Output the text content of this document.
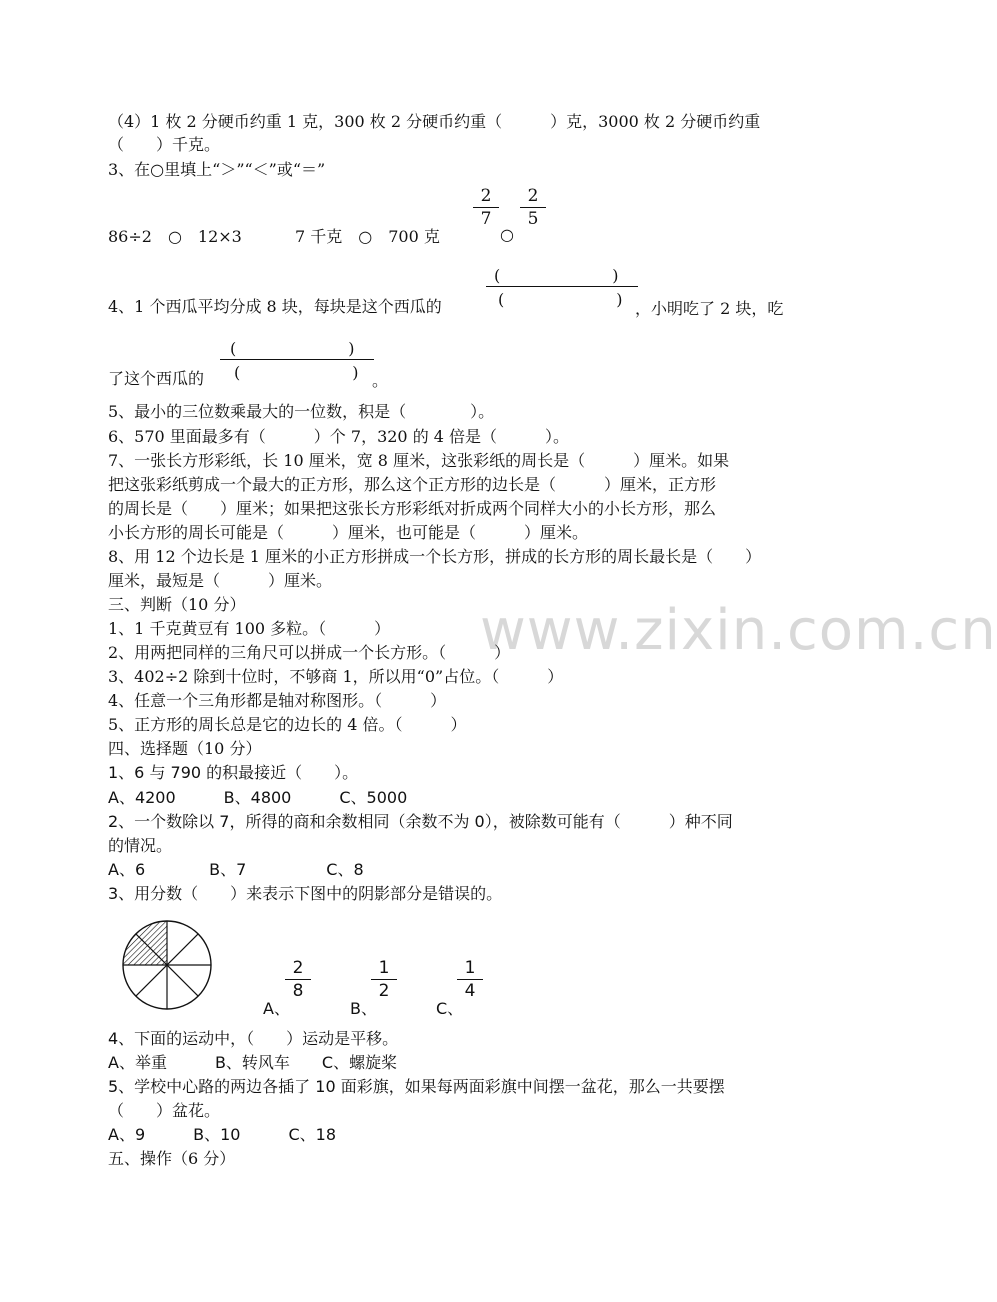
www.zixin.com.cn
（4）1 枚 2 分硬币约重 1 克，300 枚 2 分硬币约重（　　　）克，3000 枚 2 分硬币约重
（　　）千克。
3、在○里填上“＞”“＜”或“＝”
86÷2　○　12×3	7 千克　○　700 克
2
7
○
2
5
4、1 个西瓜平均分成 8 块，每块是这个西瓜的
(　　　　　　　)
(　　　　　　　) ，小明吃了 2 块，吃
了这个西瓜的
(　　　　　　　)
(　　　　　　　) 。
5、最小的三位数乘最大的一位数，积是（　　　　）。
6、570 里面最多有（　　　）个 7，320 的 4 倍是（　　　）。
7、一张长方形彩纸，长 10 厘米，宽 8 厘米，这张彩纸的周长是（　　　）厘米。如果
把这张彩纸剪成一个最大的正方形，那么这个正方形的边长是（　　　）厘米，正方形
的周长是（　　）厘米；如果把这张长方形彩纸对折成两个同样大小的小长方形，那么
小长方形的周长可能是（　　　）厘米，也可能是（　　　）厘米。
8、用 12 个边长是 1 厘米的小正方形拼成一个长方形，拼成的长方形的周长最长是（　　）
厘米，最短是（　　　）厘米。
三、判断（10 分）
1、1 千克黄豆有 100 多粒。（　　　）
2、用两把同样的三角尺可以拼成一个长方形。（　　　）
3、402÷2 除到十位时，不够商 1，所以用“0”占位。（　　　）
4、任意一个三角形都是轴对称图形。（　　　）
5、正方形的周长总是它的边长的 4 倍。（　　　）
四、选择题（10 分）
1、6 与 790 的积最接近（　　）。
A、4200　　　B、4800　　　C、5000
2、一个数除以 7，所得的商和余数相同（余数不为 0），被除数可能有（　　　）种不同
的情况。
A、6　　　　B、7　　　　　C、8
3、用分数（　　）来表示下图中的阴影部分是错误的。
A、
2
8
B、
1
2
C、
1
4
4、下面的运动中，（　　）运动是平移。
A、举重　　　B、转风车　　C、螺旋桨
5、学校中心路的两边各插了 10 面彩旗，如果每两面彩旗中间摆一盆花，那么一共要摆
（　　）盆花。
A、9　　　B、10　　　C、18
五、操作（6 分）
